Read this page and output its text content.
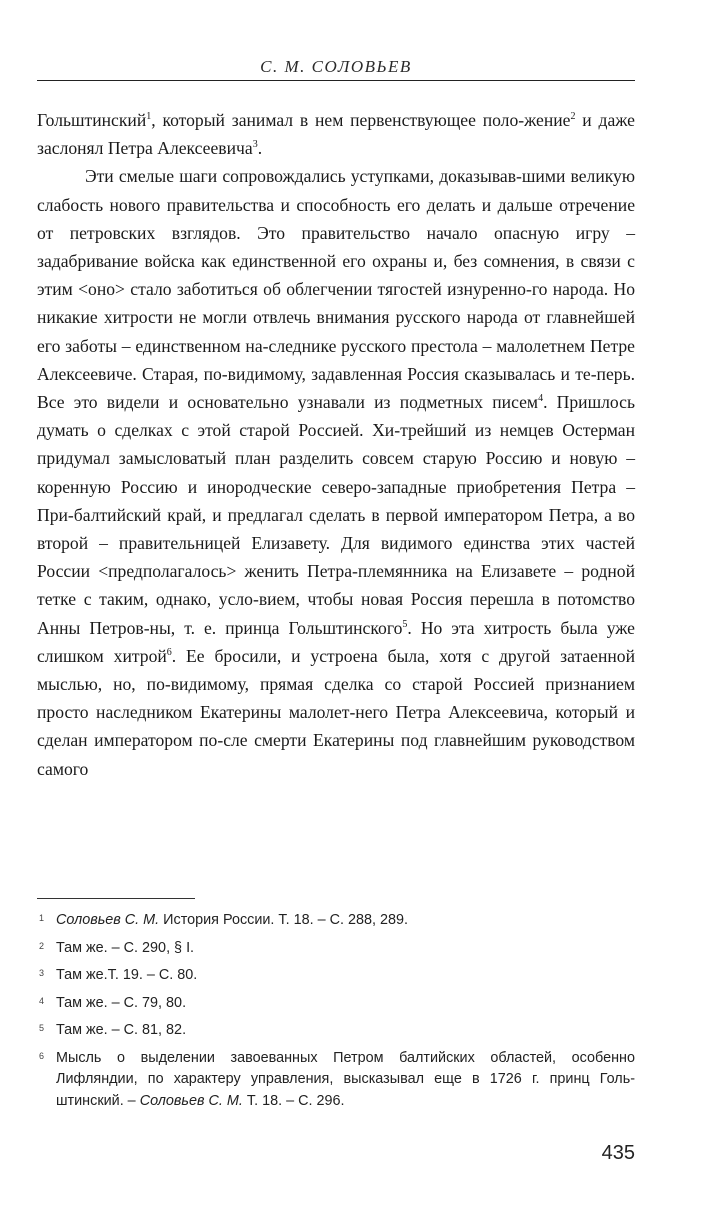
С. М. СОЛОВЬЕВ

Гольштинский$^1$, который занимал в нем первенствующее поло-жение$^2$ и даже заслонял Петра Алексеевича$^3$.

Эти смелые шаги сопровождались уступками, доказывав-шими великую слабость нового правительства и способность его делать и дальше отречение от петровских взглядов. Это правительство начало опасную игру – задабривание войска как единственной его охраны и, без сомнения, в связи с этим <оно> стало заботиться об облегчении тягостей изнуренно-го народа. Но никакие хитрости не могли отвлечь внимания русского народа от главнейшей его заботы – единственном на-следнике русского престола – малолетнем Петре Алексеевиче. Старая, по-видимому, задавленная Россия сказывалась и те-перь. Все это видели и основательно узнавали из подметных писем$^4$. Пришлось думать о сделках с этой старой Россией. Хи-трейший из немцев Остерман придумал замысловатый план разделить совсем старую Россию и новую – коренную Россию и инородческие северо-западные приобретения Петра – При-балтийский край, и предлагал сделать в первой императором Петра, а во второй – правительницей Елизавету. Для видимого единства этих частей России <предполагалось> женить Петра-племянника на Елизавете – родной тетке с таким, однако, усло-вием, чтобы новая Россия перешла в потомство Анны Петров-ны, т. е. принца Гольштинского$^5$. Но эта хитрость была уже слишком хитрой$^6$. Ее бросили, и устроена была, хотя с другой затаенной мыслью, но, по-видимому, прямая сделка со старой Россией признанием просто наследником Екатерины малолет-него Петра Алексеевича, который и сделан императором по-сле смерти Екатерины под главнейшим руководством самого

1 Соловьев С. М. История России. Т. 18. – С. 288, 289.
2 Там же. – С. 290, § I.
3 Там же.Т. 19. – С. 80.
4 Там же. – С. 79, 80.
5 Там же. – С. 81, 82.
6 Мысль о выделении завоеванных Петром балтийских областей, особенно Лифляндии, по характеру управления, высказывал еще в 1726 г. принц Голь-штинский. – Соловьев С. М. Т. 18. – С. 296.
435
